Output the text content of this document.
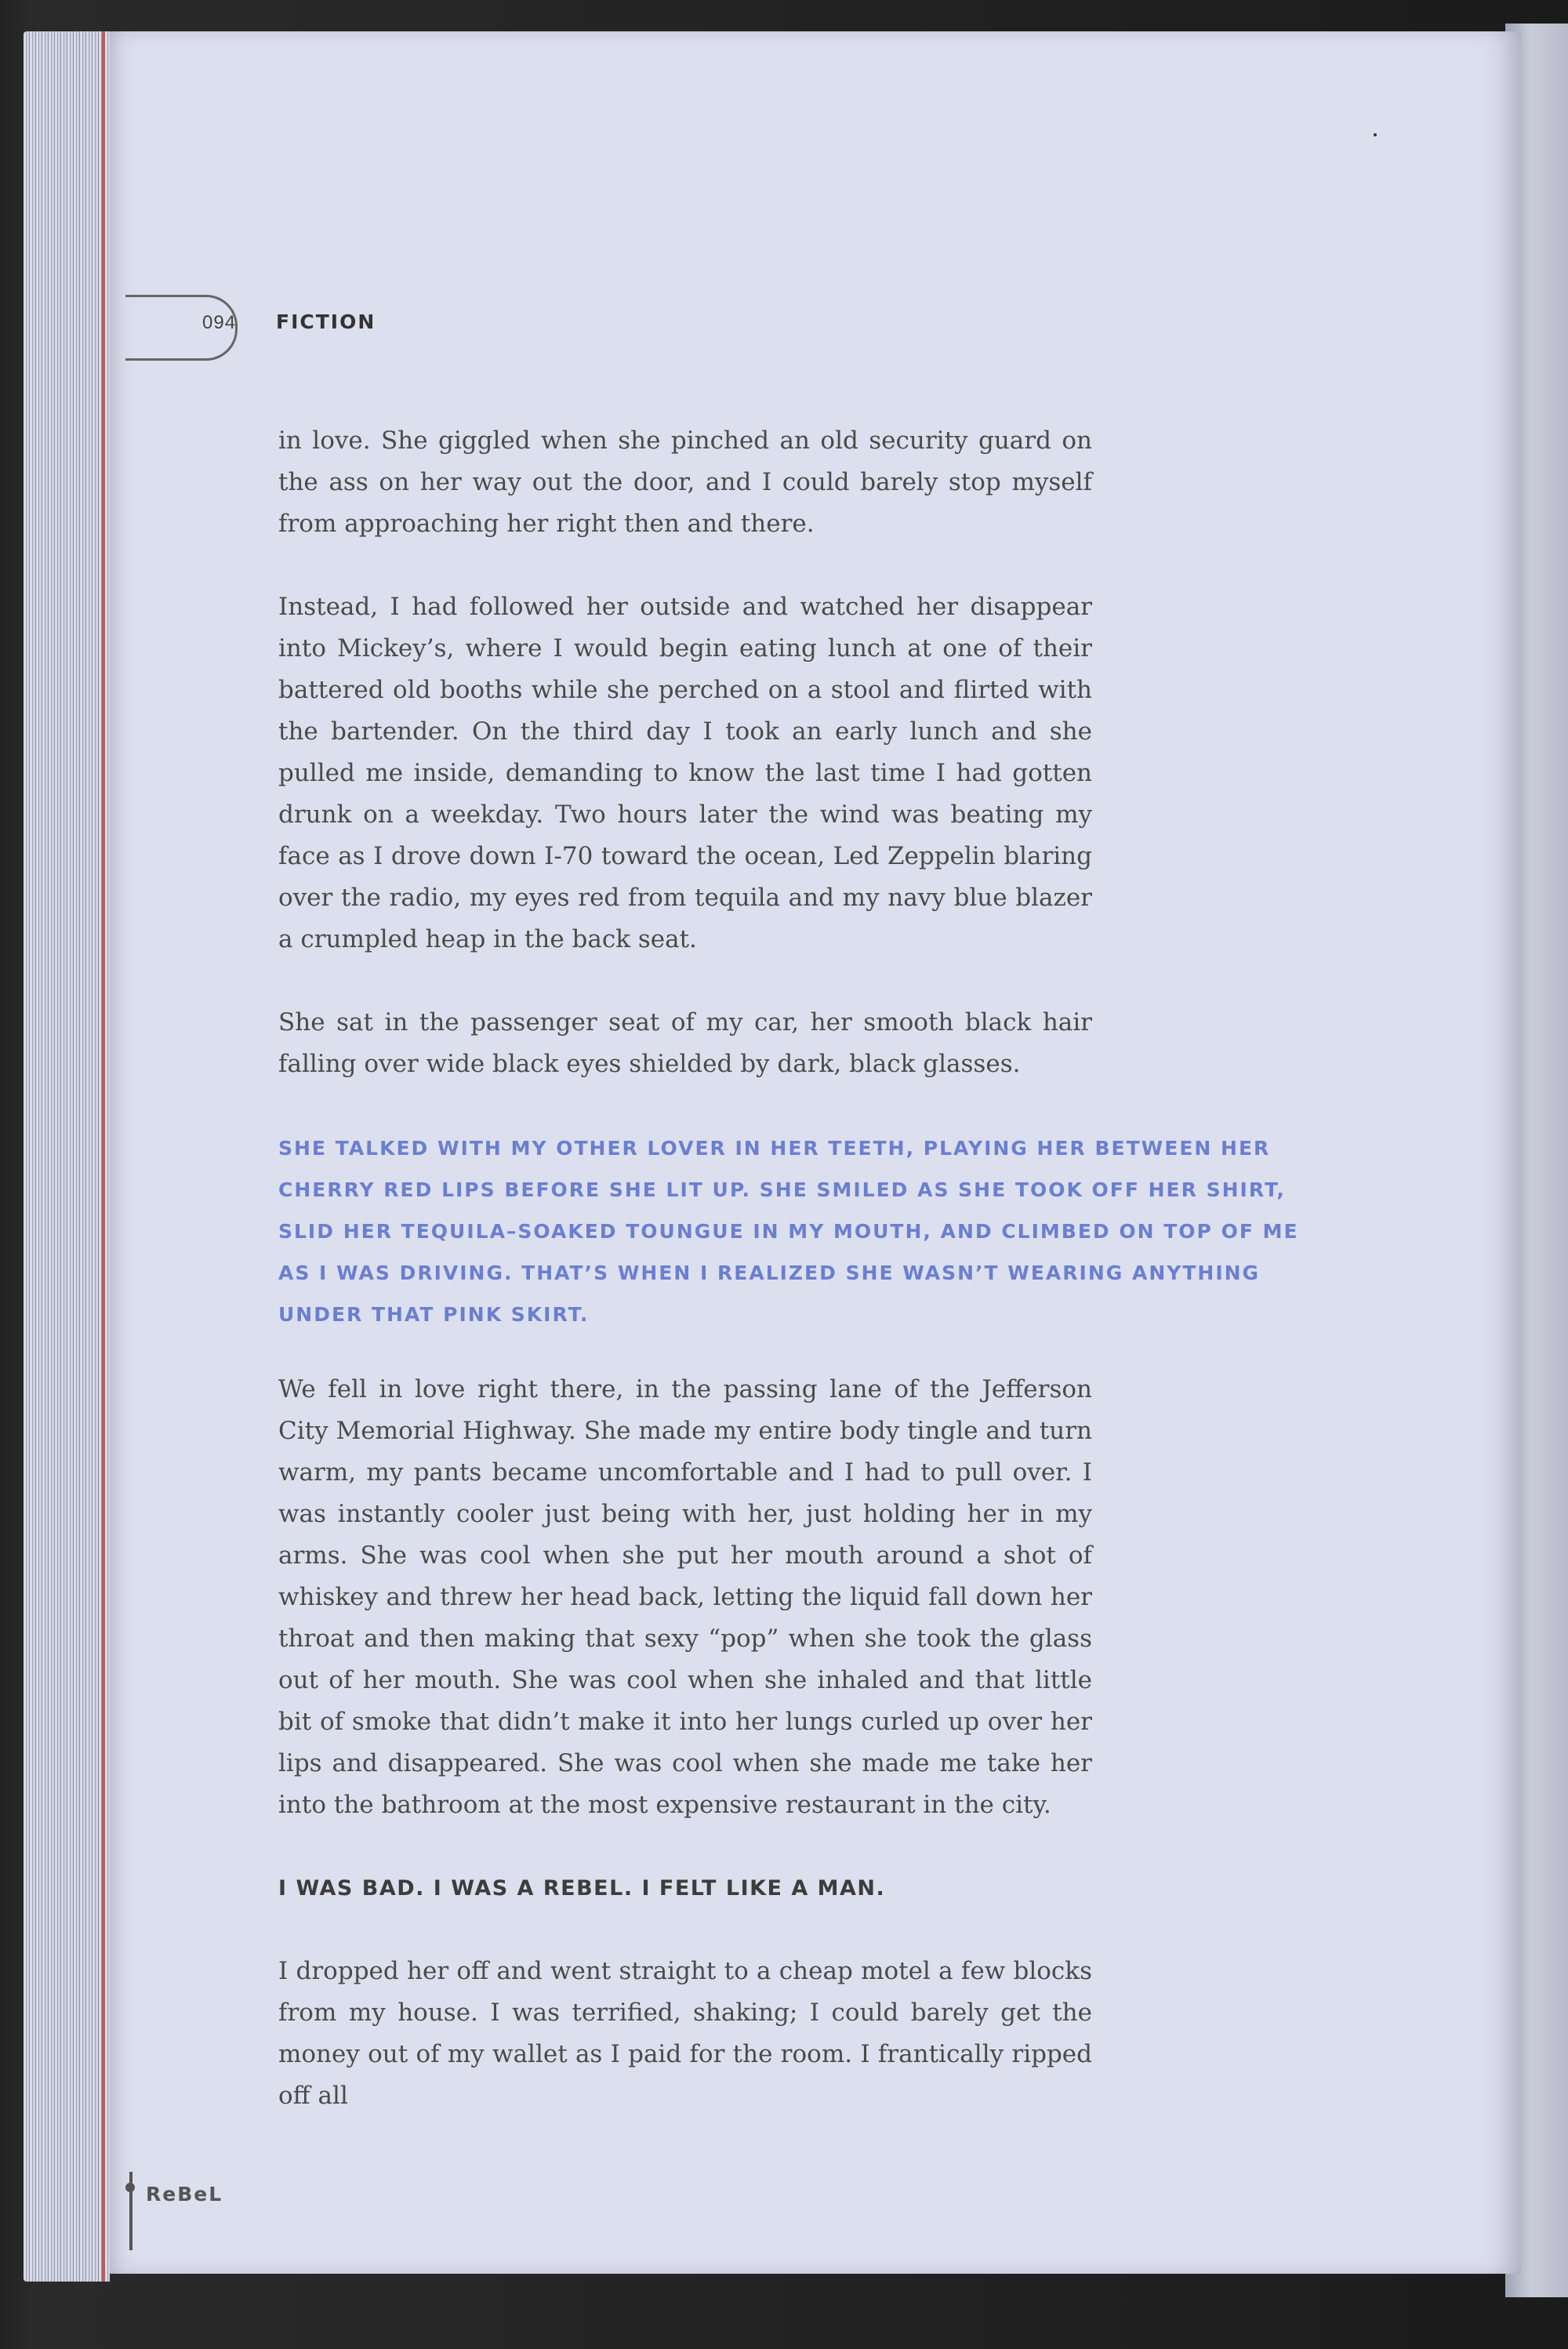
094 FICTION

in love. She giggled when she pinched an old security guard on the ass on her way out the door, and I could barely stop myself from approaching her right then and there.

Instead, I had followed her outside and watched her disappear into Mickey’s, where I would begin eating lunch at one of their battered old booths while she perched on a stool and flirted with the bartender. On the third day I took an early lunch and she pulled me inside, demanding to know the last time I had gotten drunk on a weekday. Two hours later the wind was beating my face as I drove down I-70 toward the ocean, Led Zeppelin blaring over the radio, my eyes red from tequila and my navy blue blazer a crumpled heap in the back seat.

She sat in the passenger seat of my car, her smooth black hair falling over wide black eyes shielded by dark, black glasses.

SHE TALKED WITH MY OTHER LOVER IN HER TEETH, PLAYING HER BETWEEN HER CHERRY RED LIPS BEFORE SHE LIT UP. SHE SMILED AS SHE TOOK OFF HER SHIRT, SLID HER TEQUILA–SOAKED TOUNGUE IN MY MOUTH, AND CLIMBED ON TOP OF ME AS I WAS DRIVING. THAT’S WHEN I REALIZED SHE WASN’T WEARING ANYTHING UNDER THAT PINK SKIRT.

We fell in love right there, in the passing lane of the Jefferson City Memorial Highway. She made my entire body tingle and turn warm, my pants became uncomfortable and I had to pull over. I was instantly cooler just being with her, just holding her in my arms. She was cool when she put her mouth around a shot of whiskey and threw her head back, letting the liquid fall down her throat and then making that sexy “pop” when she took the glass out of her mouth. She was cool when she inhaled and that little bit of smoke that didn’t make it into her lungs curled up over her lips and disappeared. She was cool when she made me take her into the bathroom at the most expensive restaurant in the city.

I WAS BAD. I WAS A REBEL. I FELT LIKE A MAN.

I dropped her off and went straight to a cheap motel a few blocks from my house. I was terrified, shaking; I could barely get the money out of my wallet as I paid for the room. I frantically ripped off all

ReBeL
